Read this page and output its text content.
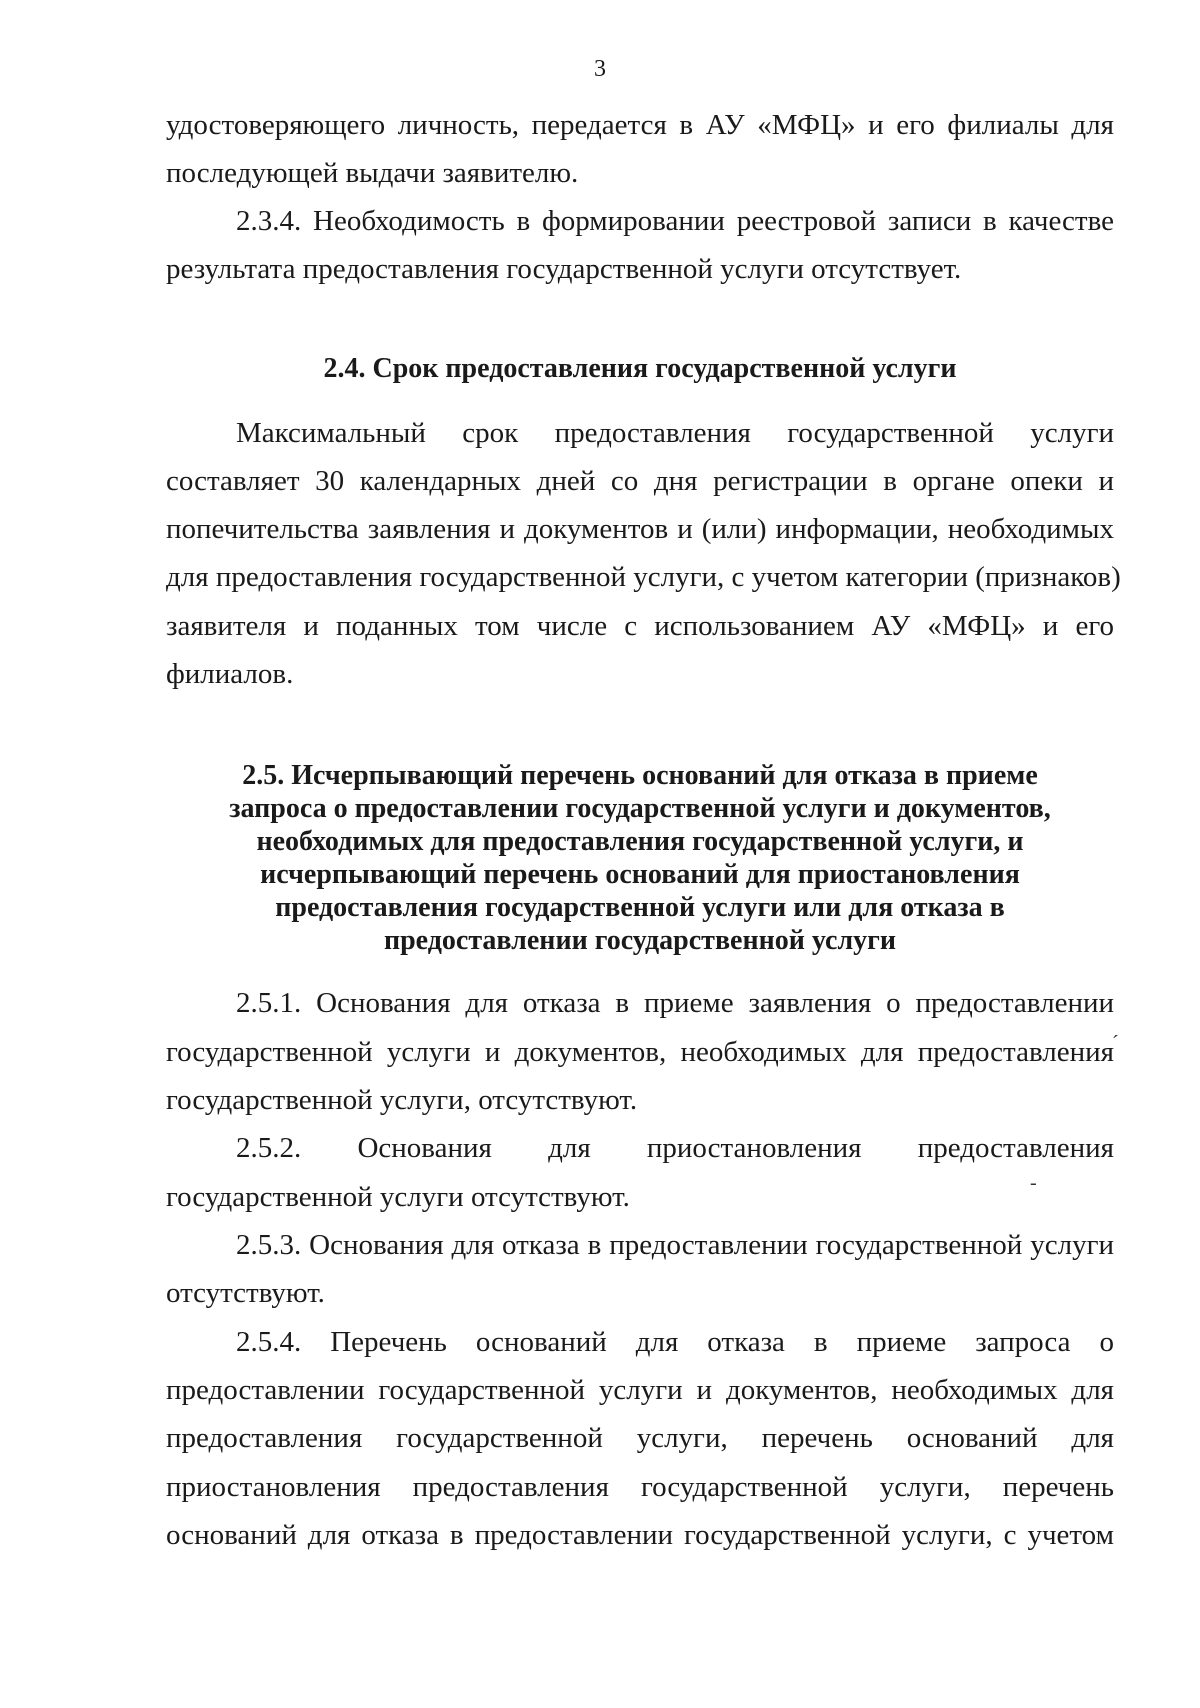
3
удостоверяющего личность, передается в АУ «МФЦ» и его филиалы для
последующей выдачи заявителю.
2.3.4. Необходимость в формировании реестровой записи в качестве
результата предоставления государственной услуги отсутствует.
2.4. Срок предоставления государственной услуги
Максимальный срок предоставления государственной услуги
составляет 30 календарных дней со дня регистрации в органе опеки и
попечительства заявления и документов и (или) информации, необходимых
для предоставления государственной услуги, с учетом категории (признаков)
заявителя и поданных том числе с использованием АУ «МФЦ» и его
филиалов.
2.5. Исчерпывающий перечень оснований для отказа в приеме
запроса о предоставлении государственной услуги и документов,
необходимых для предоставления государственной услуги, и
исчерпывающий перечень оснований для приостановления
предоставления государственной услуги или для отказа в
предоставлении государственной услуги
2.5.1. Основания для отказа в приеме заявления о предоставлении
государственной услуги и документов, необходимых для предоставления
государственной услуги, отсутствуют.
2.5.2. Основания для приостановления предоставления
государственной услуги отсутствуют.
2.5.3. Основания для отказа в предоставлении государственной услуги
отсутствуют.
2.5.4. Перечень оснований для отказа в приеме запроса о
предоставлении государственной услуги и документов, необходимых для
предоставления государственной услуги, перечень оснований для
приостановления предоставления государственной услуги, перечень
оснований для отказа в предоставлении государственной услуги, с учетом
ˊ
-
